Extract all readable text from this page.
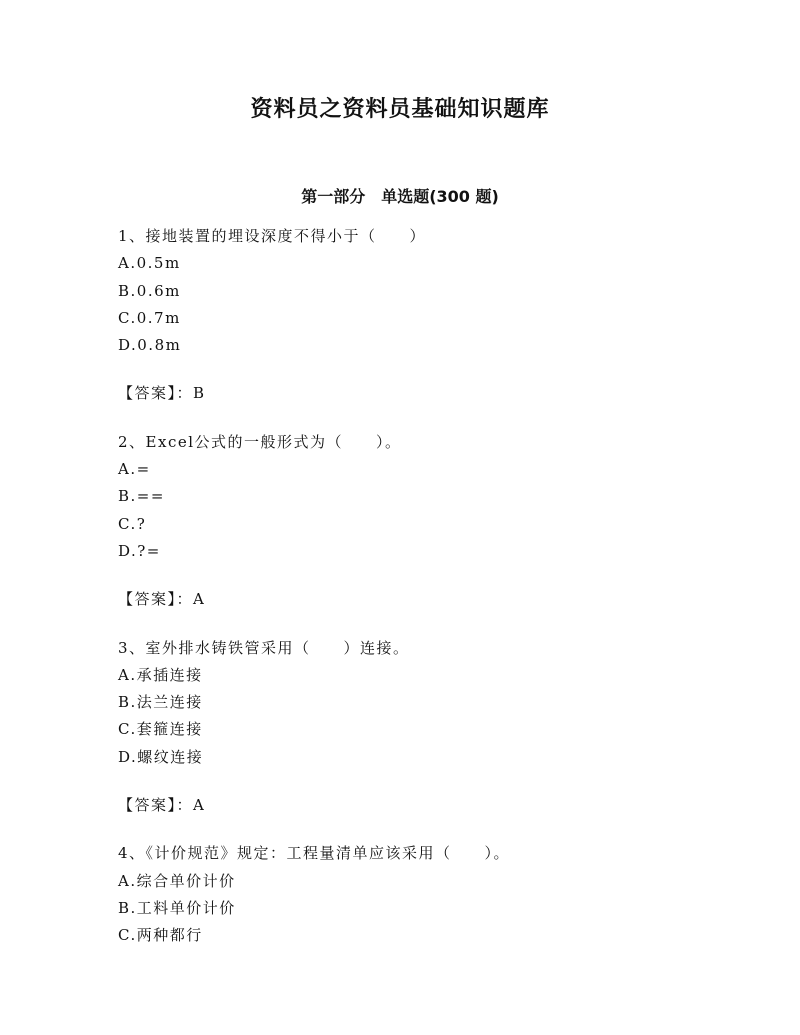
资料员之资料员基础知识题库
第一部分　单选题(300 题)
1、接地装置的埋设深度不得小于（　　）
A.0.5m
B.0.6m
C.0.7m
D.0.8m
【答案】：B
2、Excel公式的一般形式为（　　）。
A.=
B.==
C.?
D.?=
【答案】：A
3、室外排水铸铁管采用（　　）连接。
A.承插连接
B.法兰连接
C.套箍连接
D.螺纹连接
【答案】：A
4、《计价规范》规定：工程量清单应该采用（　　）。
A.综合单价计价
B.工料单价计价
C.两种都行
